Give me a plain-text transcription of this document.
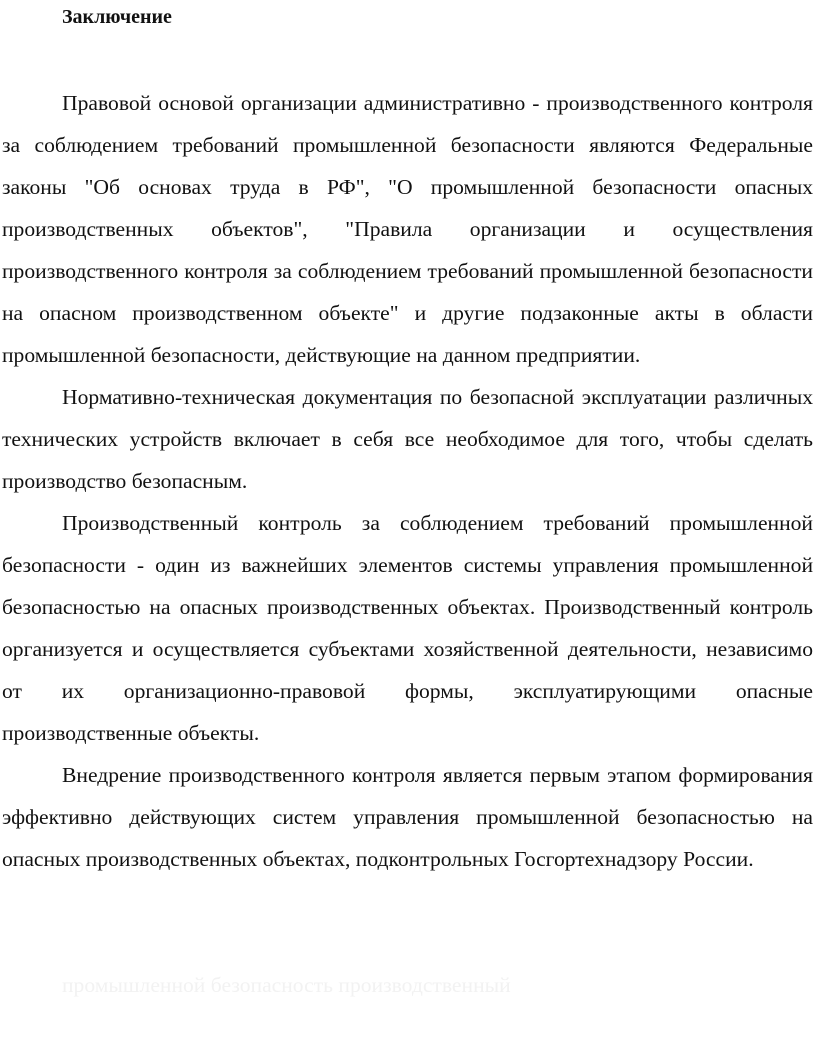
Заключение

Правовой основой организации административно - производственного контроля за соблюдением требований промышленной безопасности являются Федеральные законы "Об основах труда в РФ", "О промышленной безопасности опасных производственных объектов", "Правила организации и осуществления производственного контроля за соблюдением требований промышленной безопасности на опасном производственном объекте" и другие подзаконные акты в области промышленной безопасности, действующие на данном предприятии.

Нормативно-техническая документация по безопасной эксплуатации различных технических устройств включает в себя все необходимое для того, чтобы сделать производство безопасным.

Производственный контроль за соблюдением требований промышленной безопасности - один из важнейших элементов системы управления промышленной безопасностью на опасных производственных объектах. Производственный контроль организуется и осуществляется субъектами хозяйственной деятельности, независимо от их организационно-правовой формы, эксплуатирующими опасные производственные объекты.

Внедрение производственного контроля является первым этапом формирования эффективно действующих систем управления промышленной безопасностью на опасных производственных объектах, подконтрольных Госгортехнадзору России.

промышленной безопасность производственный
